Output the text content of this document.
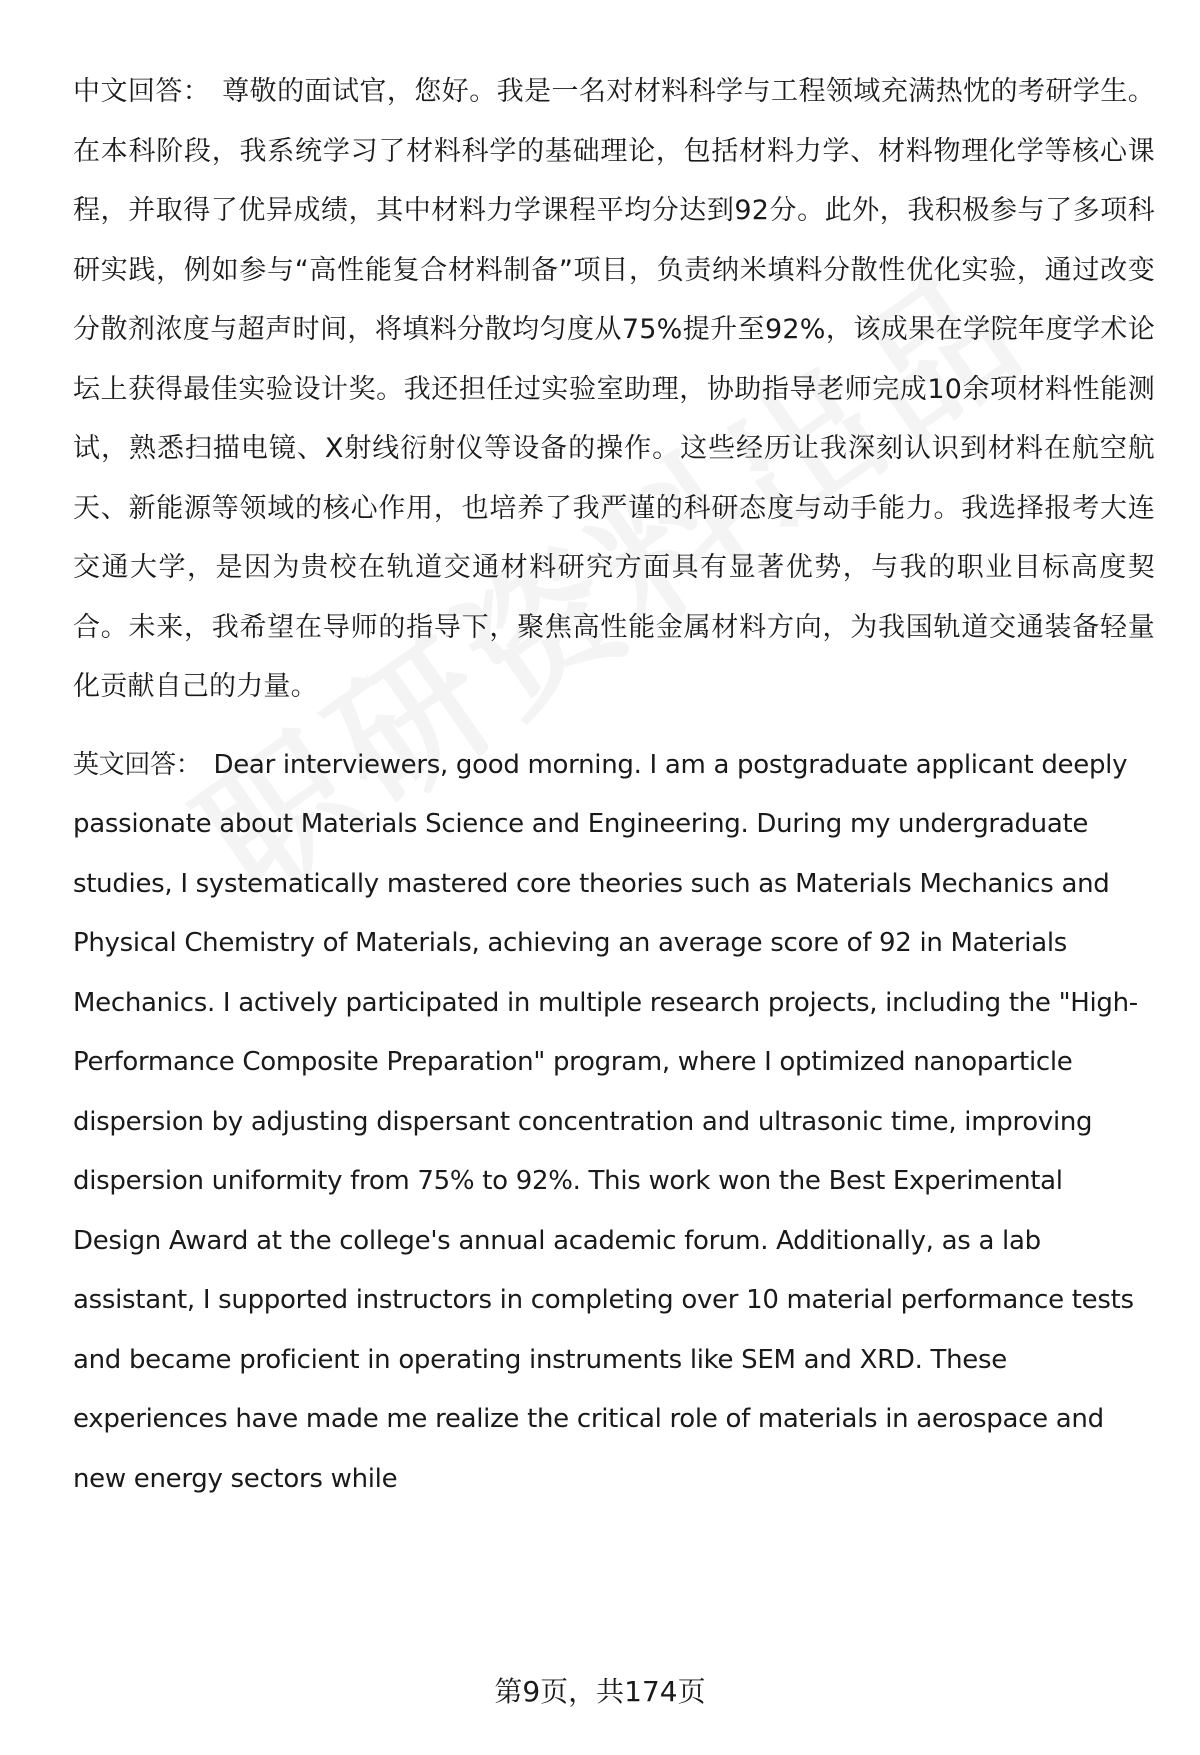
中文回答： 尊敬的面试官，您好。我是一名对材料科学与工程领域充满热忱的考研学生。在本科阶段，我系统学习了材料科学的基础理论，包括材料力学、材料物理化学等核心课程，并取得了优异成绩，其中材料力学课程平均分达到92分。此外，我积极参与了多项科研实践，例如参与“高性能复合材料制备”项目，负责纳米填料分散性优化实验，通过改变分散剂浓度与超声时间，将填料分散均匀度从75%提升至92%，该成果在学院年度学术论坛上获得最佳实验设计奖。我还担任过实验室助理，协助指导老师完成10余项材料性能测试，熟悉扫描电镜、X射线衍射仪等设备的操作。这些经历让我深刻认识到材料在航空航天、新能源等领域的核心作用，也培养了我严谨的科研态度与动手能力。我选择报考大连交通大学，是因为贵校在轨道交通材料研究方面具有显著优势，与我的职业目标高度契合。未来，我希望在导师的指导下，聚焦高性能金属材料方向，为我国轨道交通装备轻量化贡献自己的力量。

英文回答： Dear interviewers, good morning. I am a postgraduate applicant deeply passionate about Materials Science and Engineering. During my undergraduate studies, I systematically mastered core theories such as Materials Mechanics and Physical Chemistry of Materials, achieving an average score of 92 in Materials Mechanics. I actively participated in multiple research projects, including the "High-Performance Composite Preparation" program, where I optimized nanoparticle dispersion by adjusting dispersant concentration and ultrasonic time, improving dispersion uniformity from 75% to 92%. This work won the Best Experimental Design Award at the college's annual academic forum. Additionally, as a lab assistant, I supported instructors in completing over 10 material performance tests and became proficient in operating instruments like SEM and XRD. These experiences have made me realize the critical role of materials in aerospace and new energy sectors while

第9页，共174页
